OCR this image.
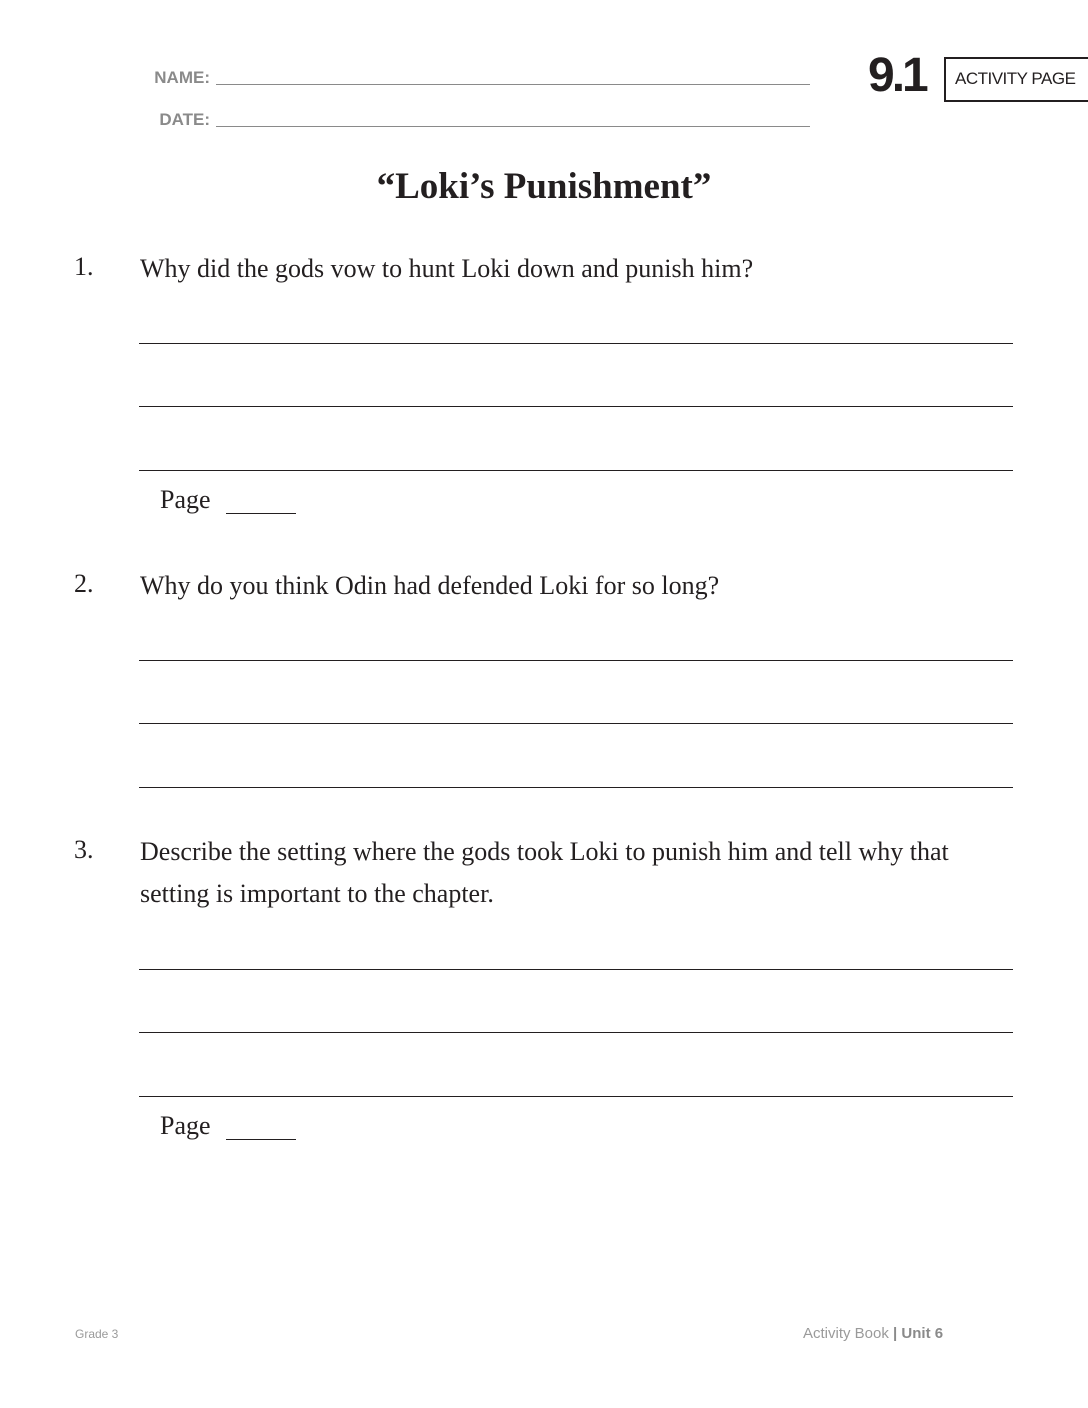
NAME:
DATE:
9.1	ACTIVITY PAGE
“Loki’s Punishment”
1. Why did the gods vow to hunt Loki down and punish him?
Page
2. Why do you think Odin had defended Loki for so long?
3. Describe the setting where the gods took Loki to punish him and tell why that
setting is important to the chapter.
Page
Grade 3	Activity Book | Unit 6
